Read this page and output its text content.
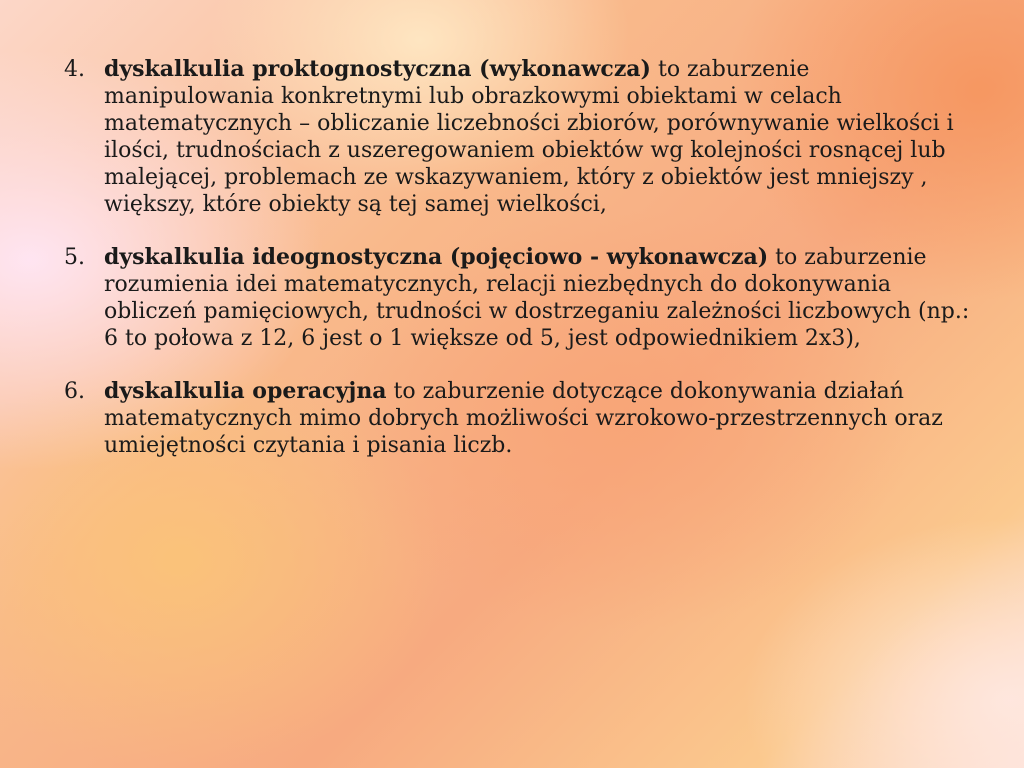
4. dyskalkulia proktognostyczna (wykonawcza) to zaburzenie manipulowania konkretnymi lub obrazkowymi obiektami w celach matematycznych – obliczanie liczebności zbiorów, porównywanie wielkości i ilości, trudnościach z uszeregowaniem obiektów wg kolejności rosnącej lub malejącej, problemach ze wskazywaniem, który z obiektów jest mniejszy , większy, które obiekty są tej samej wielkości,
5. dyskalkulia ideognostyczna (pojęciowo - wykonawcza) to zaburzenie rozumienia idei matematycznych, relacji niezbędnych do dokonywania obliczeń pamięciowych, trudności w dostrzeganiu zależności liczbowych (np.: 6 to połowa z 12, 6 jest o 1 większe od 5, jest odpowiednikiem 2x3),
6. dyskalkulia operacyjna to zaburzenie dotyczące dokonywania działań matematycznych mimo dobrych możliwości wzrokowo-przestrzennych oraz umiejętności czytania i pisania liczb.
